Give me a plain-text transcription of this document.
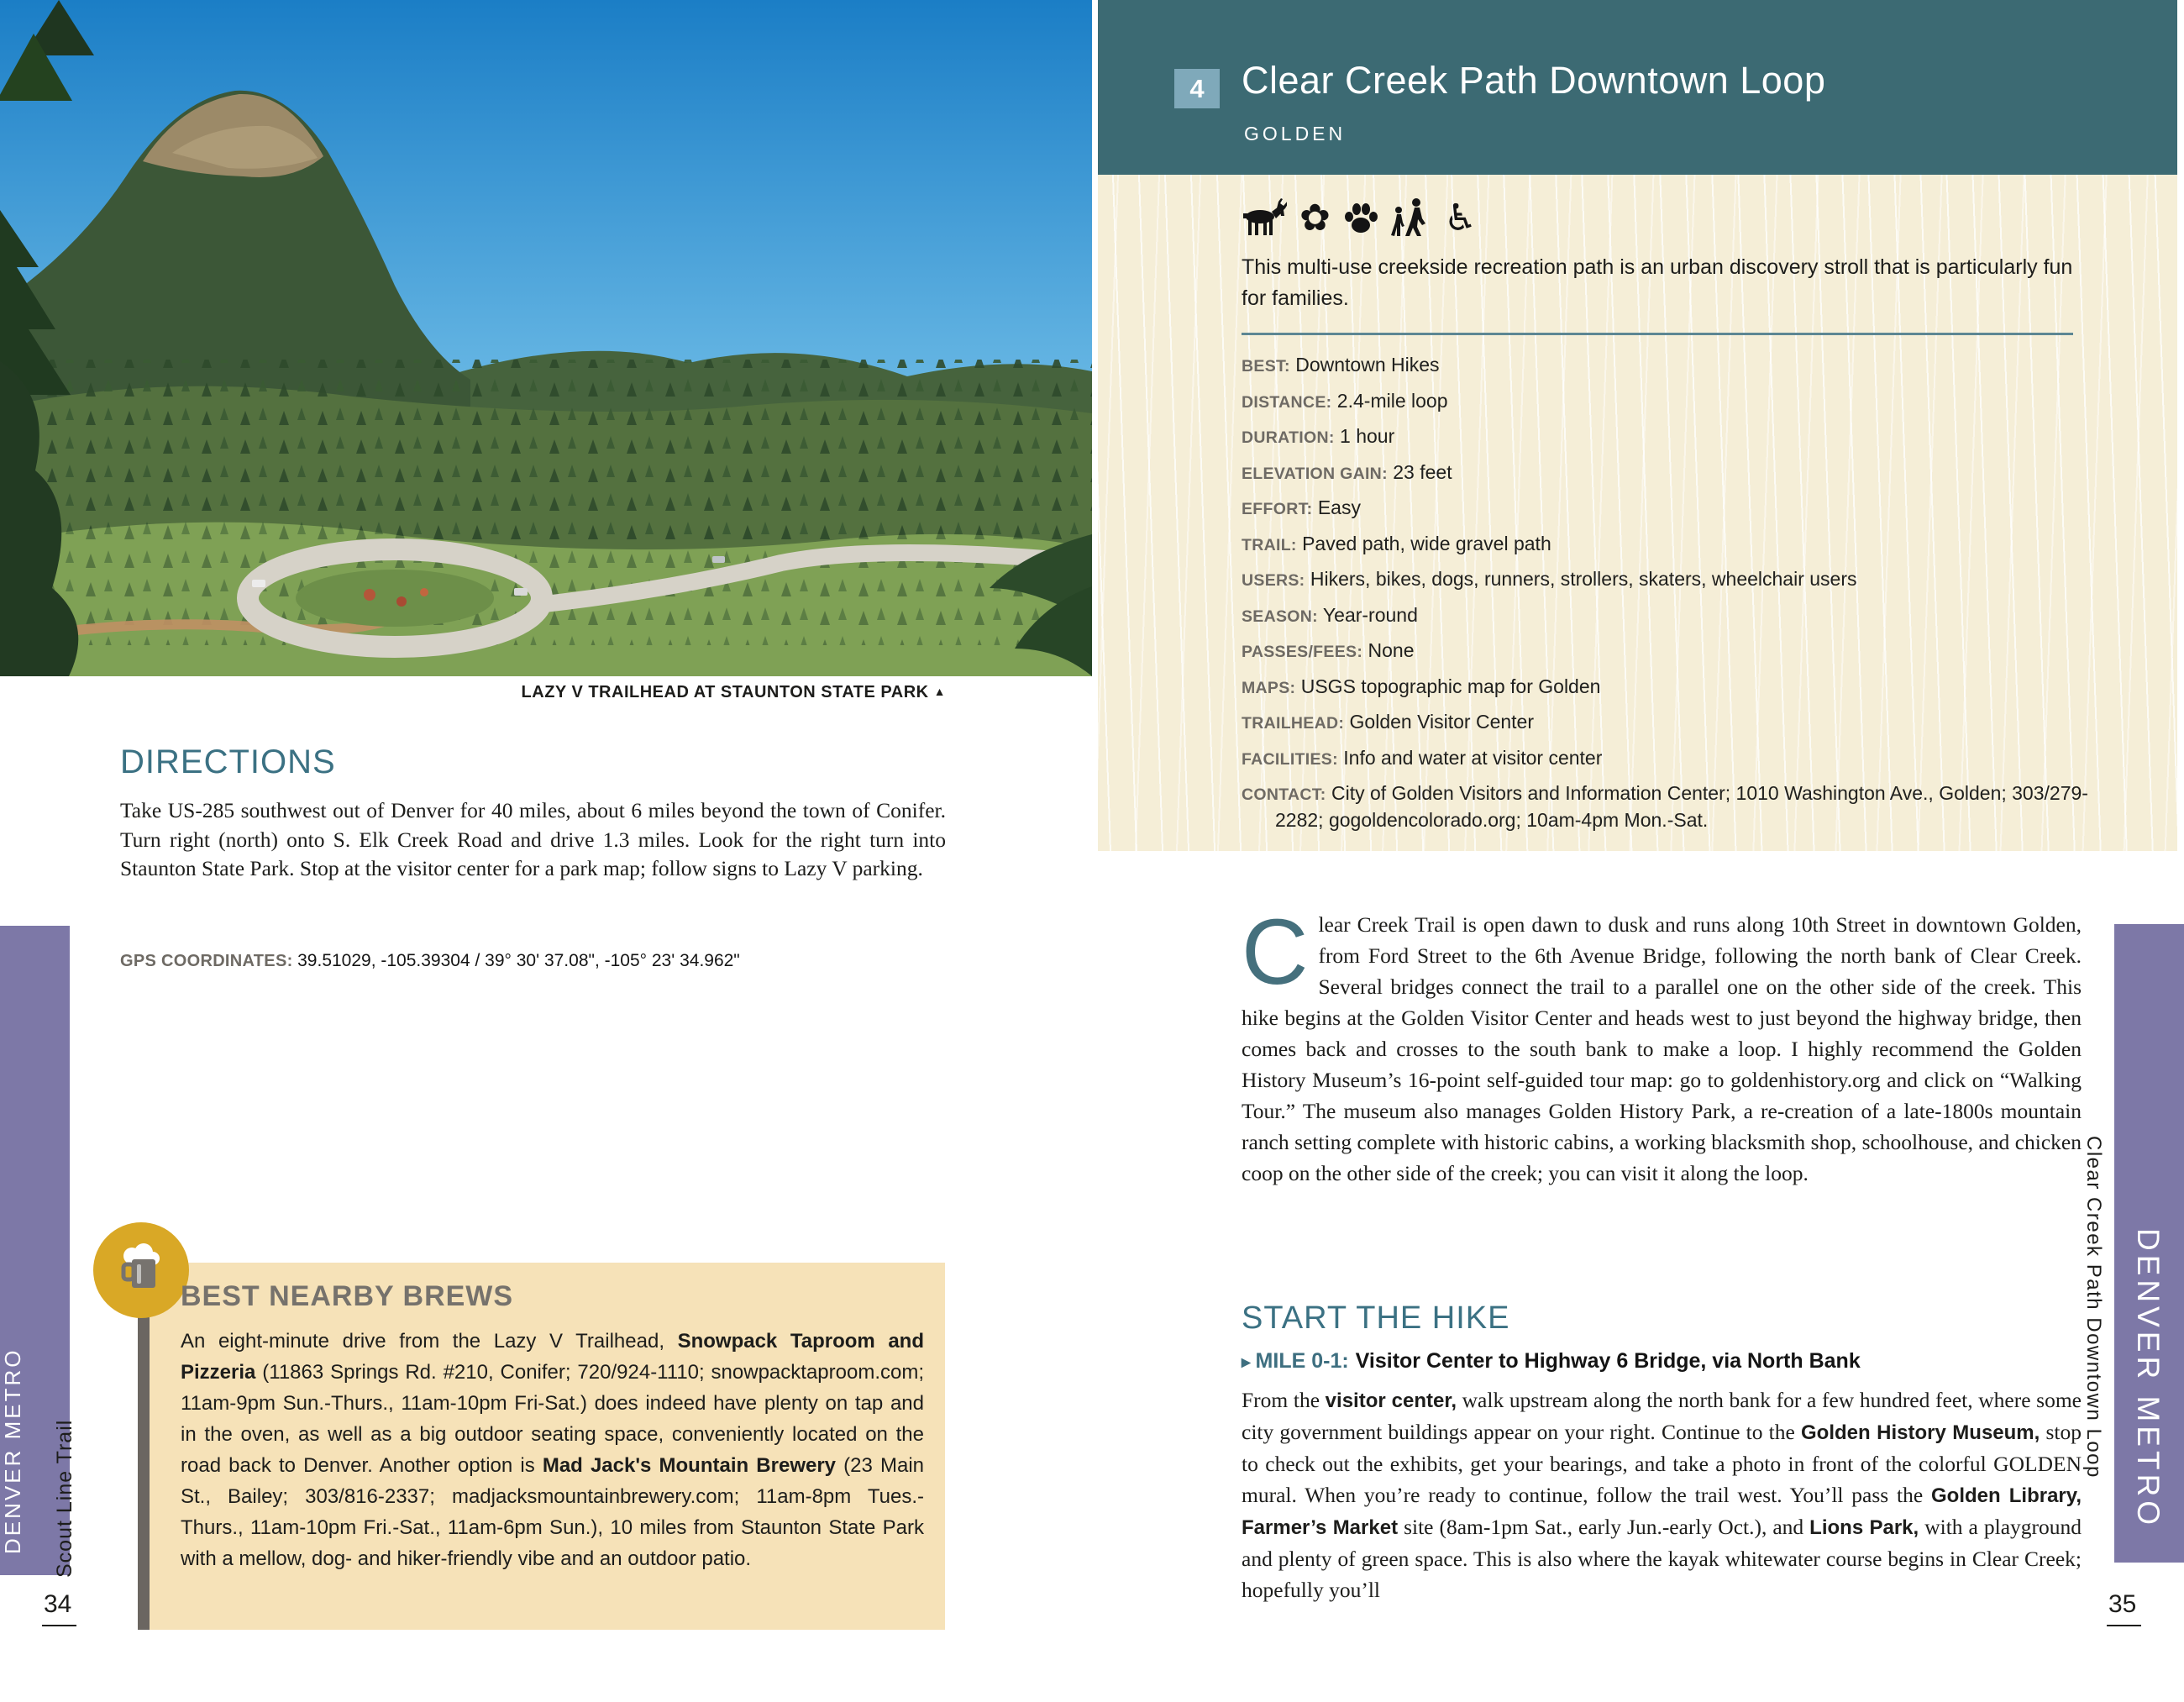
LAZY V TRAILHEAD AT STAUNTON STATE PARK ▲
DIRECTIONS
Take US-285 southwest out of Denver for 40 miles, about 6 miles beyond the town of Conifer. Turn right (north) onto S. Elk Creek Road and drive 1.3 miles. Look for the right turn into Staunton State Park. Stop at the visitor center for a park map; follow signs to Lazy V parking.
GPS COORDINATES: 39.51029, -105.39304 / 39° 30' 37.08", -105° 23' 34.962"
BEST NEARBY BREWS
An eight-minute drive from the Lazy V Trailhead, Snowpack Taproom and Pizzeria (11863 Springs Rd. #210, Conifer; 720/924-1110; snowpacktaproom.com; 11am-9pm Sun.-Thurs., 11am-10pm Fri-Sat.) does indeed have plenty on tap and in the oven, as well as a big outdoor seating space, conveniently located on the road back to Denver. Another option is Mad Jack's Mountain Brewery (23 Main St., Bailey; 303/816-2337; madjacksmountainbrewery.com; 11am-8pm Tues.-Thurs., 11am-10pm Fri.-Sat., 11am-6pm Sun.), 10 miles from Staunton State Park with a mellow, dog- and hiker-friendly vibe and an outdoor patio.
DENVER METRO Scout Line Trail
34
4 Clear Creek Path Downtown Loop
GOLDEN
✿	♿
This multi-use creekside recreation path is an urban discovery stroll that is particularly fun for families.
BEST: Downtown Hikes
DISTANCE: 2.4-mile loop
DURATION: 1 hour
ELEVATION GAIN: 23 feet
EFFORT: Easy
TRAIL: Paved path, wide gravel path
USERS: Hikers, bikes, dogs, runners, strollers, skaters, wheelchair users
SEASON: Year-round
PASSES/FEES: None
MAPS: USGS topographic map for Golden
TRAILHEAD: Golden Visitor Center
FACILITIES: Info and water at visitor center
CONTACT: City of Golden Visitors and Information Center; 1010 Washington Ave., Golden; 303/279-2282; gogoldencolorado.org; 10am-4pm Mon.-Sat.
Clear Creek Trail is open dawn to dusk and runs along 10th Street in downtown Golden, from Ford Street to the 6th Avenue Bridge, following the north bank of Clear Creek. Several bridges connect the trail to a parallel one on the other side of the creek. This hike begins at the Golden Visitor Center and heads west to just beyond the highway bridge, then comes back and crosses to the south bank to make a loop. I highly recommend the Golden History Museum’s 16-point self-guided tour map: go to goldenhistory.org and click on “Walking Tour.” The museum also manages Golden History Park, a re-creation of a late-1800s mountain ranch setting complete with historic cabins, a working blacksmith shop, schoolhouse, and chicken coop on the other side of the creek; you can visit it along the loop.
START THE HIKE
▸ MILE 0-1: Visitor Center to Highway 6 Bridge, via North Bank
From the visitor center, walk upstream along the north bank for a few hundred feet, where some city government buildings appear on your right. Continue to the Golden History Museum, stop to check out the exhibits, get your bearings, and take a photo in front of the colorful GOLDEN mural. When you’re ready to continue, follow the trail west. You’ll pass the Golden Library, Farmer’s Market site (8am-1pm Sat., early Jun.-early Oct.), and Lions Park, with a playground and plenty of green space. This is also where the kayak whitewater course begins in Clear Creek; hopefully you’ll
DENVER METRO
Clear Creek Path Downtown Loop
35
